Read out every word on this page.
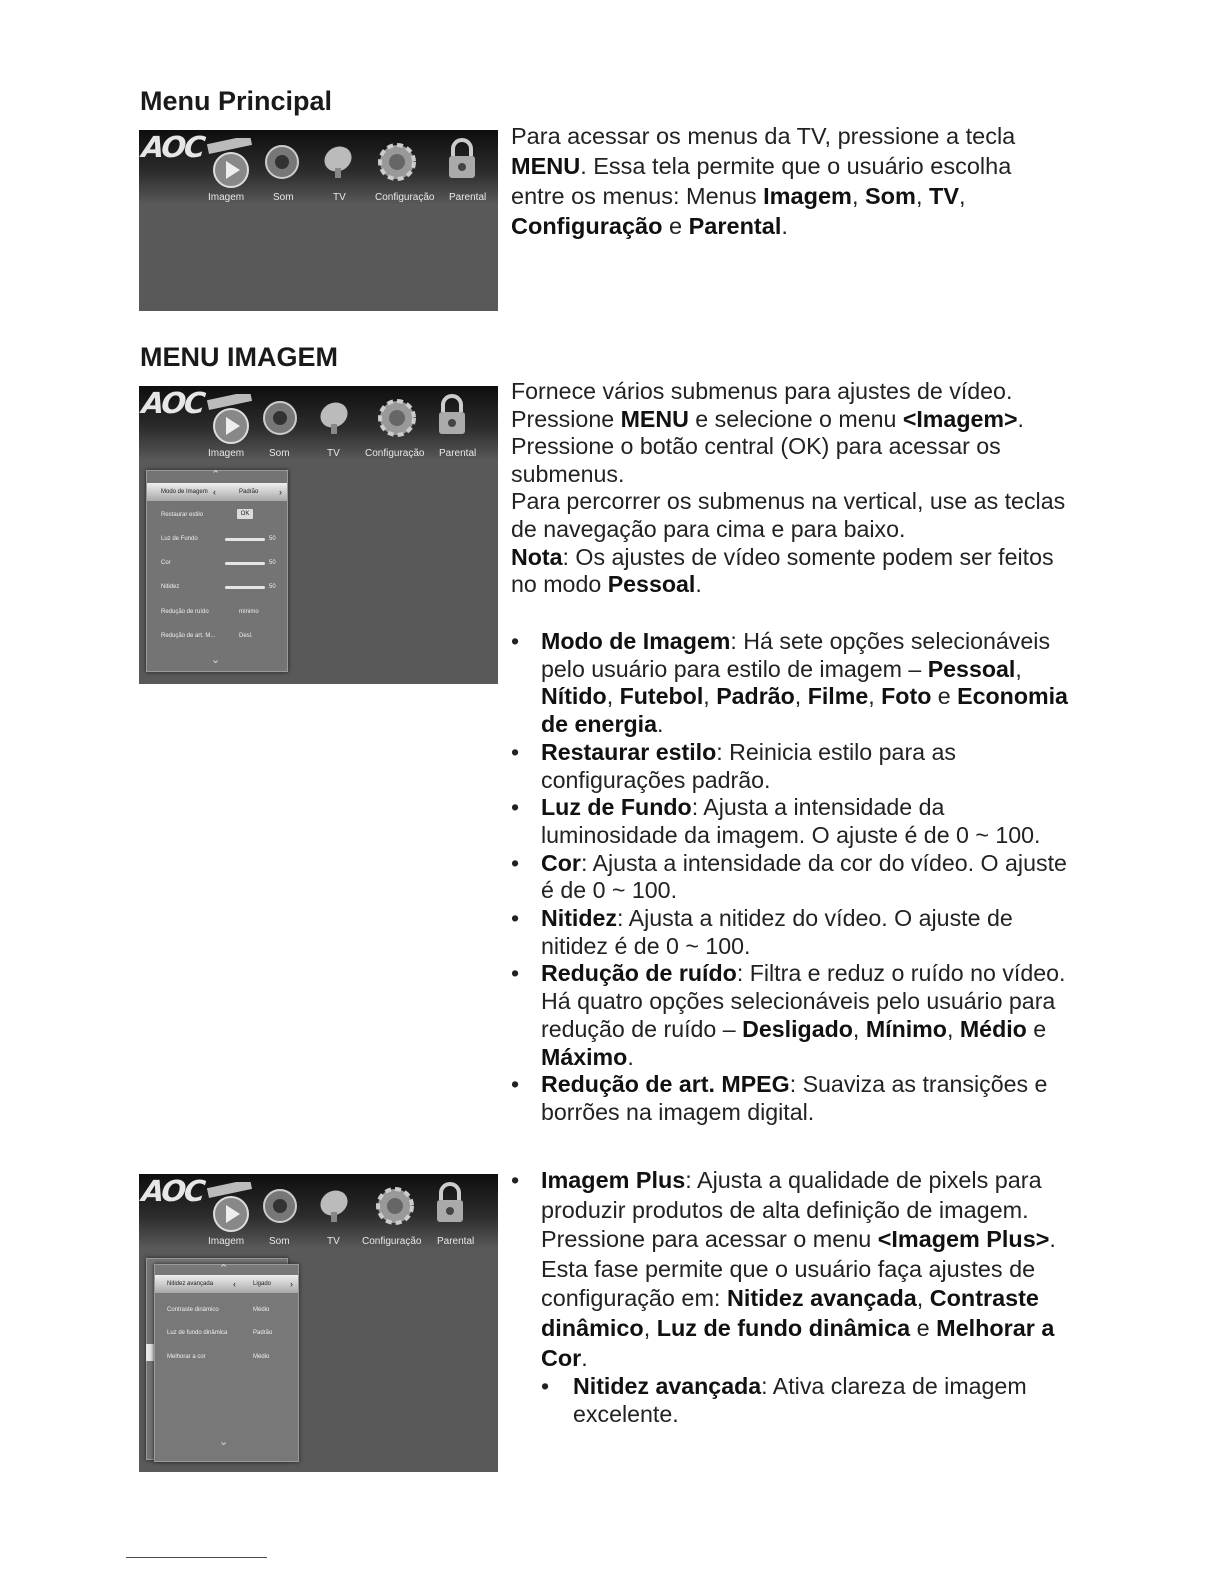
Menu Principal
MENU IMAGEM
AOC
Imagem	Som	TV	Configuração Parental
AOC
Imagem Som	TV	Configuração Parental
⌃
Modo de Imagem ‹	Padrão ›
Restaurar estilo	OK
Luz de Fundo	50
Cor	50
Nitidez	50
Redução de ruído	mínimo
Redução de art. M...	Desl.
⌄
AOC
Imagem Som	TV Configuração Parental
⌃
Nitidez avançada ‹	Ligado ›
Contraste dinâmico	Médio
Luz de fundo dinâmica	Padrão
Melhorar a cor	Médio
⌄

Para acessar os menus da TV, pressione a tecla MENU. Essa tela permite que o usuário escolha entre os menus: Menus Imagem, Som, TV, Configuração e Parental.

Fornece vários submenus para ajustes de vídeo. Pressione MENU e selecione o menu <Imagem>. Pressione o botão central (OK) para acessar os submenus.
Para percorrer os submenus na vertical, use as teclas de navegação para cima e para baixo.
Nota: Os ajustes de vídeo somente podem ser feitos no modo Pessoal.

• Modo de Imagem: Há sete opções selecionáveis pelo usuário para estilo de imagem – Pessoal, Nítido, Futebol, Padrão, Filme, Foto e Economia de energia.
• Restaurar estilo: Reinicia estilo para as configurações padrão.
• Luz de Fundo: Ajusta a intensidade da luminosidade da imagem. O ajuste é de 0 ~ 100.
• Cor: Ajusta a intensidade da cor do vídeo. O ajuste é de 0 ~ 100.
• Nitidez: Ajusta a nitidez do vídeo. O ajuste de nitidez é de 0 ~ 100.
• Redução de ruído: Filtra e reduz o ruído no vídeo. Há quatro opções selecionáveis pelo usuário para redução de ruído – Desligado, Mínimo, Médio e Máximo.
• Redução de art. MPEG: Suaviza as transições e borrões na imagem digital.
• Imagem Plus: Ajusta a qualidade de pixels para produzir produtos de alta definição de imagem. Pressione para acessar o menu <Imagem Plus>. Esta fase permite que o usuário faça ajustes de configuração em: Nitidez avançada, Contraste dinâmico, Luz de fundo dinâmica e Melhorar a Cor.
• Nitidez avançada: Ativa clareza de imagem excelente.
